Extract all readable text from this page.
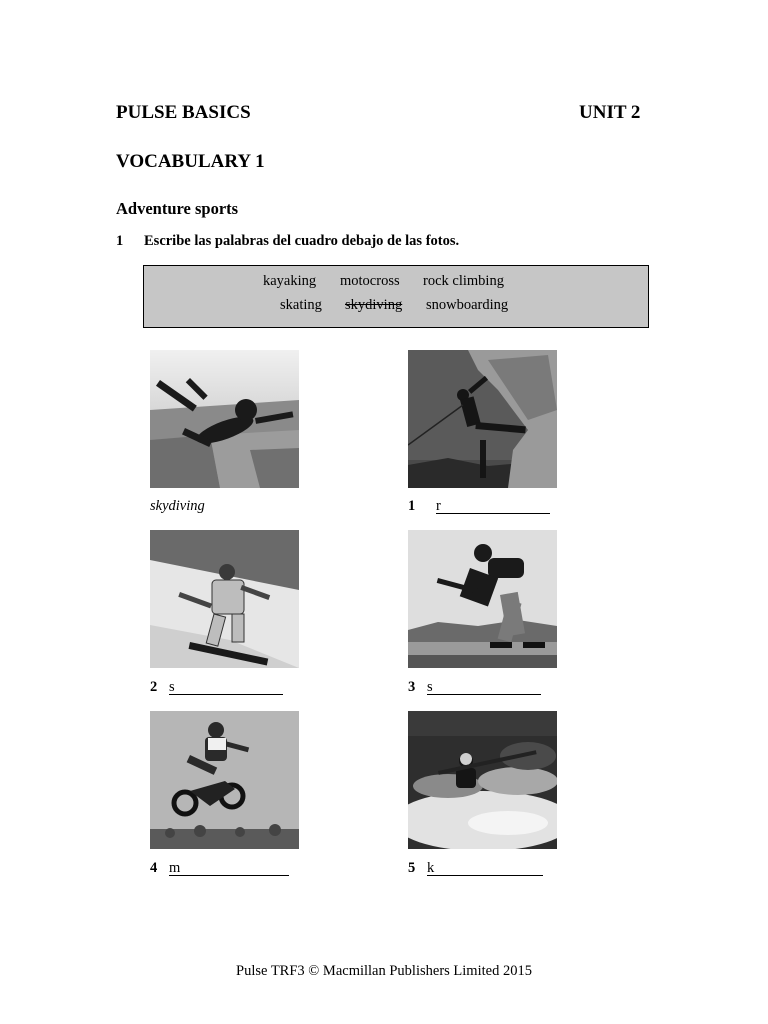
PULSE BASICS	UNIT 2
VOCABULARY 1
Adventure sports
1 Escribe las palabras del cuadro debajo de las fotos.
kayaking motocross rock climbing
skating skydiving snowboarding
skydiving	1 r
2 s	3 s
4 m	5 k
Pulse TRF3 © Macmillan Publishers Limited 2015
